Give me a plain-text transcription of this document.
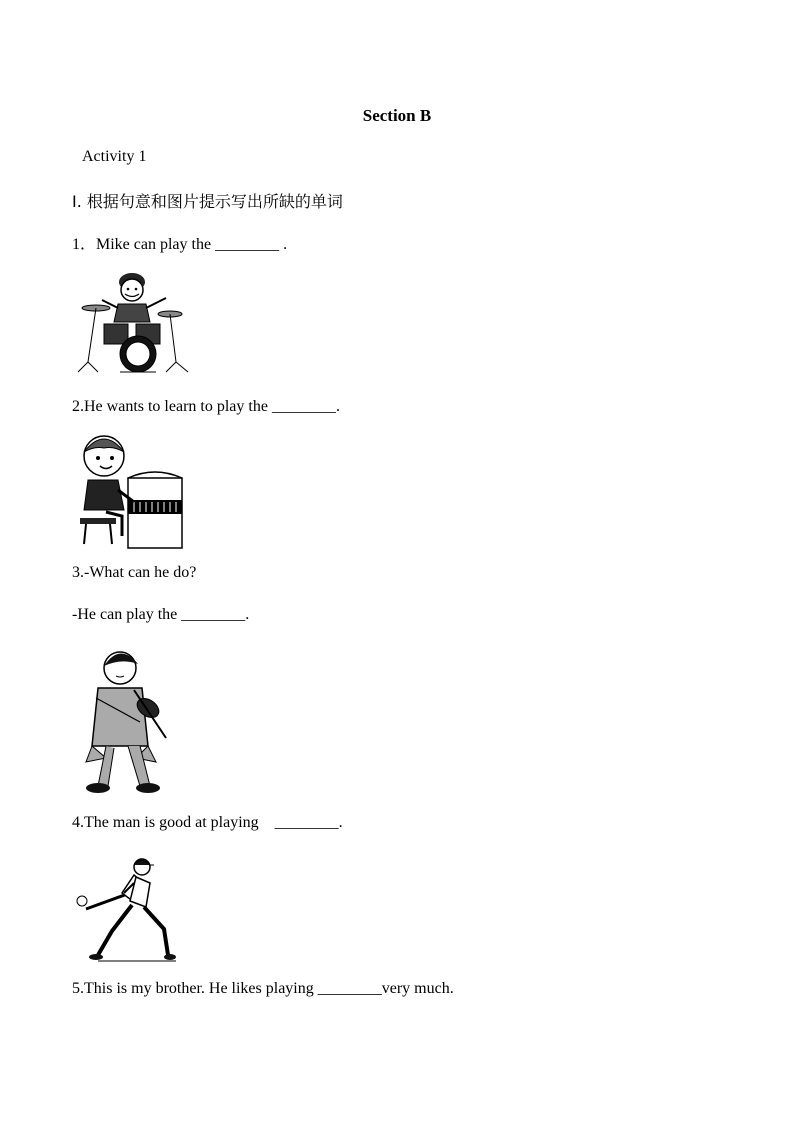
Section B
Activity 1
I. 根据句意和图片提示写出所缺的单词
1．Mike can play the ________ .
2.He wants to learn to play the ________.
3.-What can he do?
-He can play the ________.
4.The man is good at playing    ________.
5.This is my brother. He likes playing ________very much.
